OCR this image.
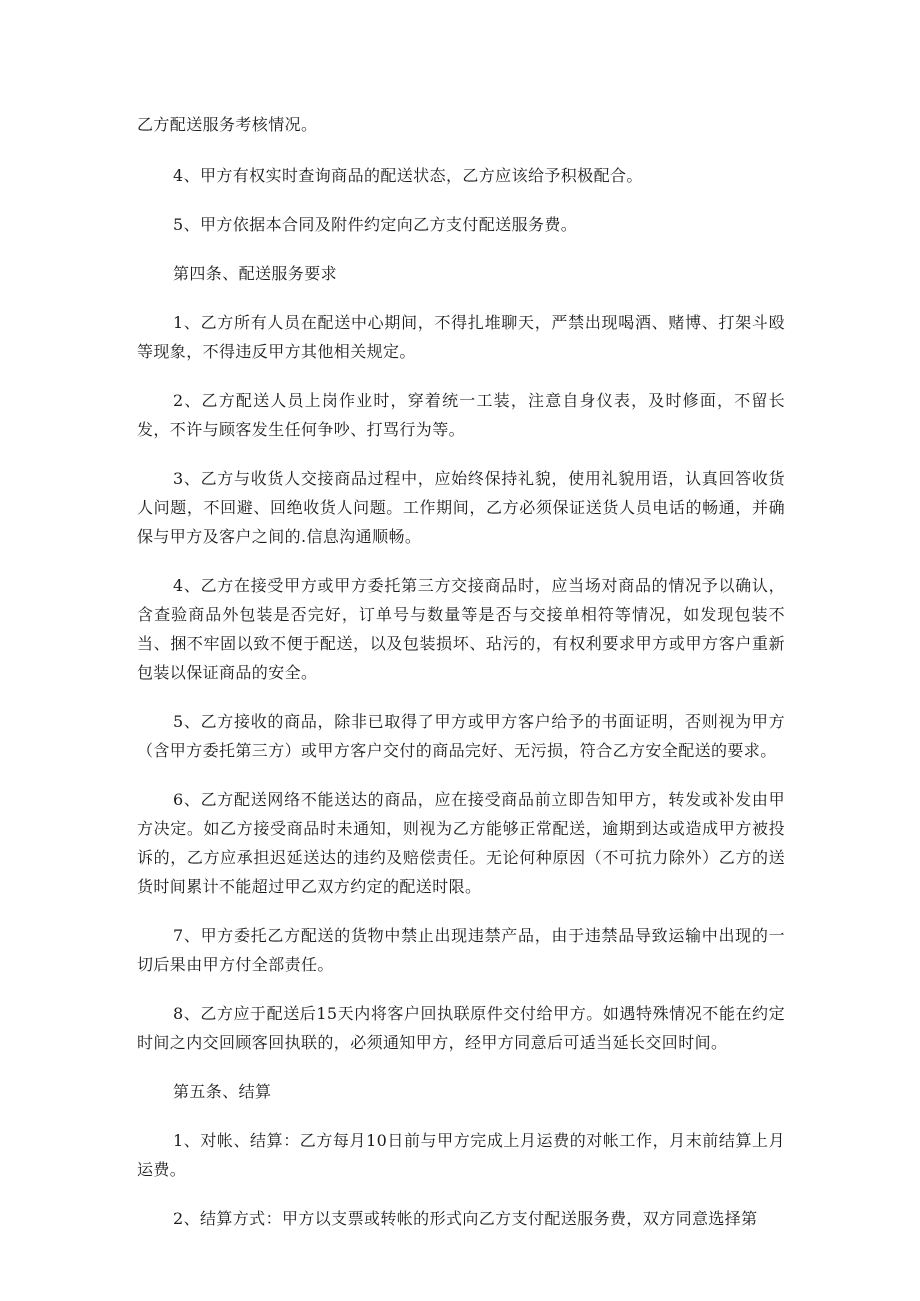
乙方配送服务考核情况。

4、甲方有权实时查询商品的配送状态，乙方应该给予积极配合。

5、甲方依据本合同及附件约定向乙方支付配送服务费。

第四条、配送服务要求

1、乙方所有人员在配送中心期间，不得扎堆聊天，严禁出现喝酒、赌博、打架斗殴等现象，不得违反甲方其他相关规定。

2、乙方配送人员上岗作业时，穿着统一工装，注意自身仪表，及时修面，不留长发，不许与顾客发生任何争吵、打骂行为等。

3、乙方与收货人交接商品过程中，应始终保持礼貌，使用礼貌用语，认真回答收货人问题，不回避、回绝收货人问题。工作期间，乙方必须保证送货人员电话的畅通，并确保与甲方及客户之间的.信息沟通顺畅。

4、乙方在接受甲方或甲方委托第三方交接商品时，应当场对商品的情况予以确认，含查验商品外包装是否完好，订单号与数量等是否与交接单相符等情况，如发现包装不当、捆不牢固以致不便于配送，以及包装损坏、玷污的，有权利要求甲方或甲方客户重新包装以保证商品的安全。

5、乙方接收的商品，除非已取得了甲方或甲方客户给予的书面证明，否则视为甲方（含甲方委托第三方）或甲方客户交付的商品完好、无污损，符合乙方安全配送的要求。

6、乙方配送网络不能送达的商品，应在接受商品前立即告知甲方，转发或补发由甲方决定。如乙方接受商品时未通知，则视为乙方能够正常配送，逾期到达或造成甲方被投诉的，乙方应承担迟延送达的违约及赔偿责任。无论何种原因（不可抗力除外）乙方的送货时间累计不能超过甲乙双方约定的配送时限。

7、甲方委托乙方配送的货物中禁止出现违禁产品，由于违禁品导致运输中出现的一切后果由甲方付全部责任。

8、乙方应于配送后15天内将客户回执联原件交付给甲方。如遇特殊情况不能在约定时间之内交回顾客回执联的，必须通知甲方，经甲方同意后可适当延长交回时间。

第五条、结算

1、对帐、结算：乙方每月10日前与甲方完成上月运费的对帐工作，月末前结算上月运费。

2、结算方式：甲方以支票或转帐的形式向乙方支付配送服务费，双方同意选择第
